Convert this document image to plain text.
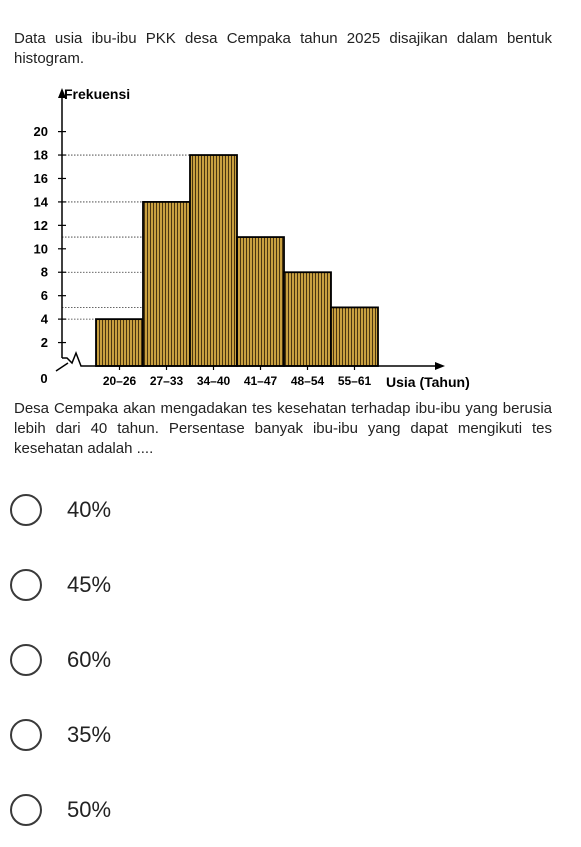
Data usia ibu-ibu PKK desa Cempaka tahun 2025 disajikan dalam bentuk histogram.

2
4
6
8
10
12
14
16
18
20
0	20–26 27–33 34–40 41–47 48–54 55–61
Frekuensi
Usia (Tahun)

Desa Cempaka akan mengadakan tes kesehatan terhadap ibu-ibu yang berusia lebih dari 40 tahun. Persentase banyak ibu-ibu yang dapat mengikuti tes kesehatan adalah ....

40%
45%
60%
35%
50%
